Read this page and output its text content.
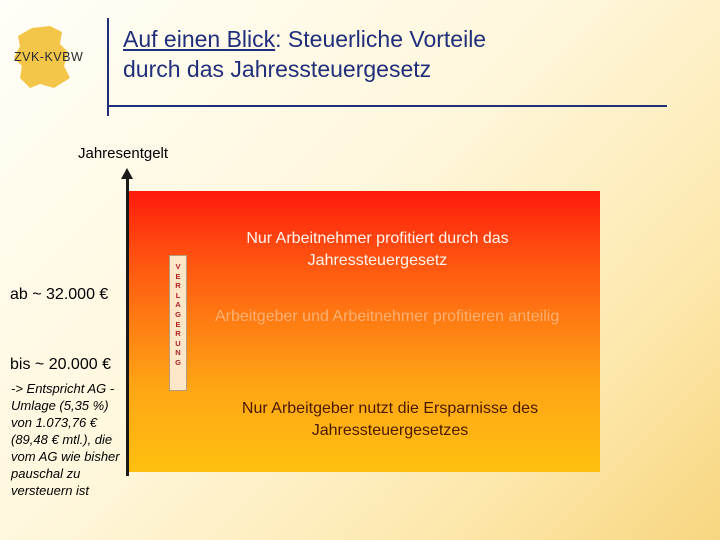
ZVK-KVBW
Auf einen Blick: Steuerliche Vorteile
durch das Jahressteuergesetz
Jahresentgelt
ab ~ 32.000 €
bis ~ 20.000 €
-> Entspricht AG -Umlage (5,35 %) von 1.073,76 € (89,48 € mtl.), die vom AG wie bisher pauschal zu versteuern ist
V
E
R
L
A
G
E
R
U
N
G
Nur Arbeitnehmer profitiert durch das Jahressteuergesetz
Arbeitgeber und Arbeitnehmer profitieren anteilig
Nur Arbeitgeber nutzt die Ersparnisse des Jahressteuergesetzes
